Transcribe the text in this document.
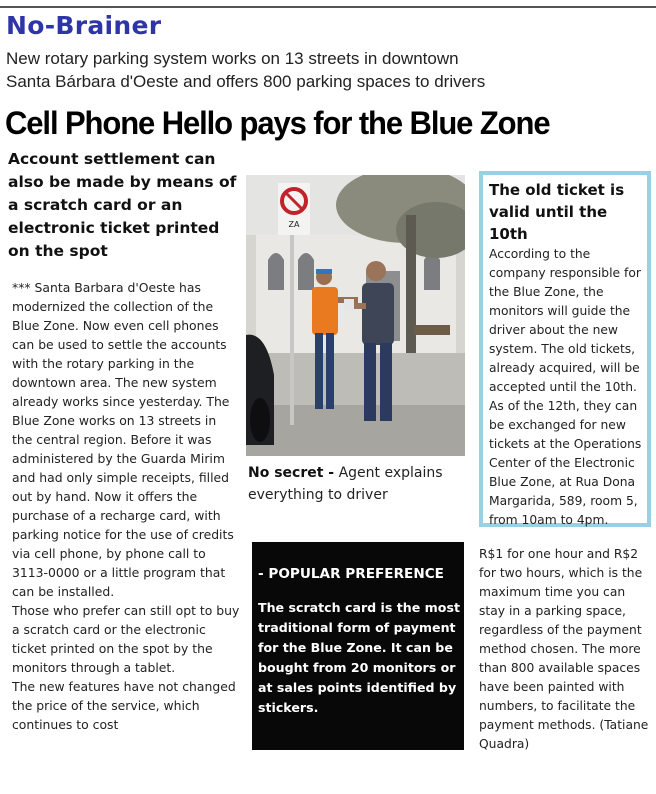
No-Brainer
New rotary parking system works on 13 streets in downtown
Santa Bárbara d'Oeste and offers 800 parking spaces to drivers
Cell Phone Hello pays for the Blue Zone

Account settlement can also be made by means of a scratch card or an electronic ticket printed on the spot

*** Santa Barbara d'Oeste has modernized the collection of the Blue Zone. Now even cell phones can be used to settle the accounts with the rotary parking in the downtown area. The new system already works since yesterday. The Blue Zone works on 13 streets in the central region. Before it was administered by the Guarda Mirim and had only simple receipts, filled out by hand. Now it offers the purchase of a recharge card, with parking notice for the use of credits via cell phone, by phone call to 3113-0000 or a little program that can be installed.

Those who prefer can still opt to buy a scratch card or the electronic ticket printed on the spot by the monitors through a tablet.

The new features have not changed the price of the service, which continues to cost

ZA

No secret - Agent explains everything to driver

The old ticket is valid until the 10th

According to the company responsible for the Blue Zone, the monitors will guide the driver about the new system. The old tickets, already acquired, will be accepted until the 10th. As of the 12th, they can be exchanged for new tickets at the Operations Center of the Electronic Blue Zone, at Rua Dona Margarida, 589, room 5, from 10am to 4pm.

- POPULAR PREFERENCE

The scratch card is the most traditional form of payment for the Blue Zone. It can be bought from 20 monitors or at sales points identified by stickers.

R$1 for one hour and R$2 for two hours, which is the maximum time you can stay in a parking space, regardless of the payment method chosen. The more than 800 available spaces have been painted with numbers, to facilitate the payment methods. (Tatiane Quadra)
